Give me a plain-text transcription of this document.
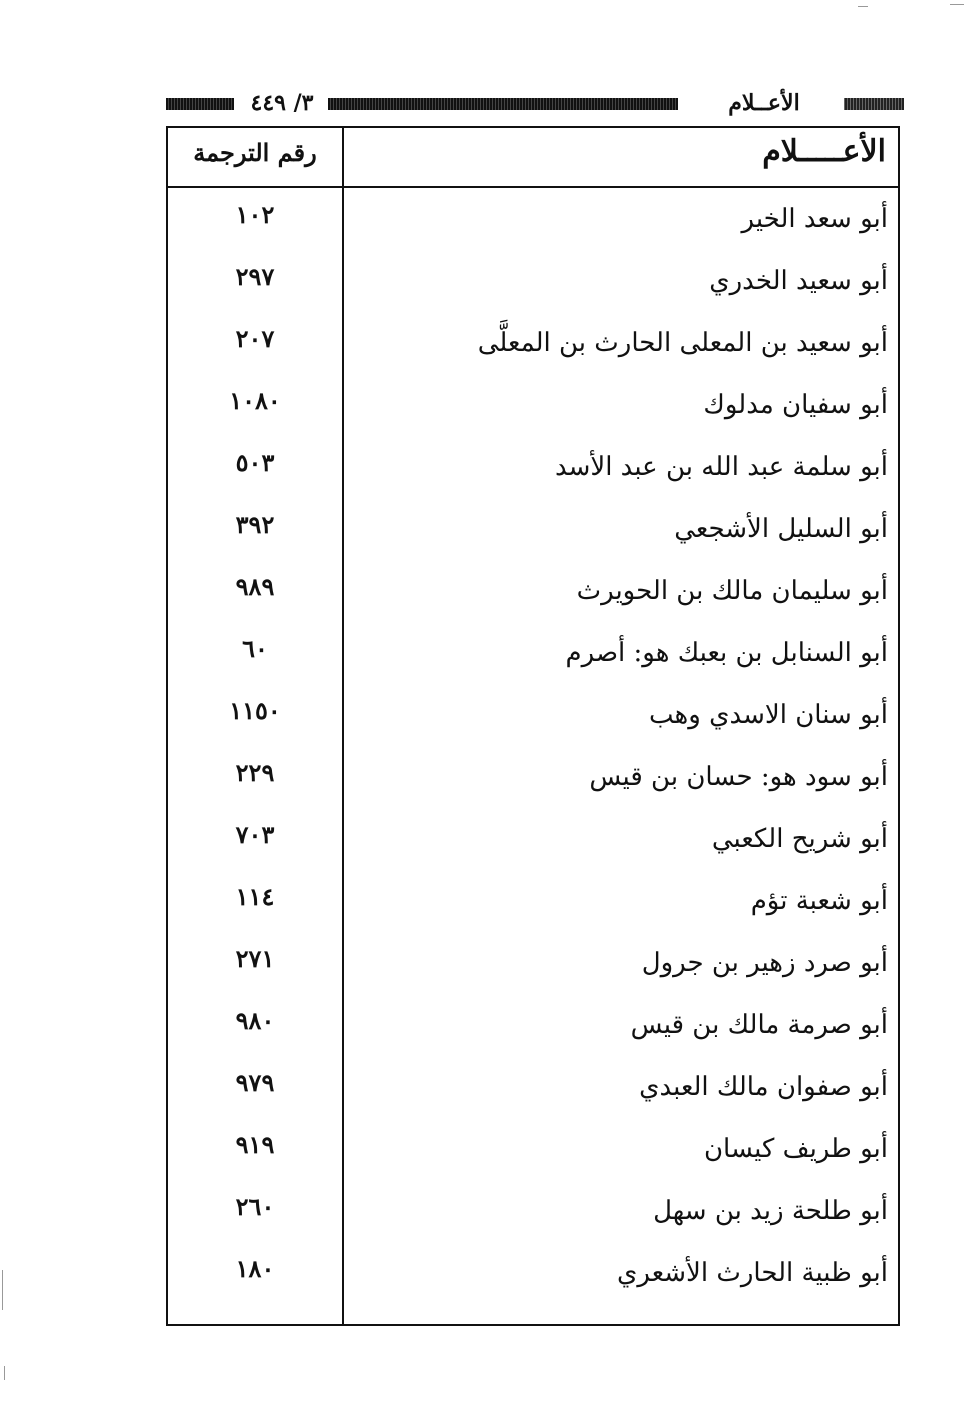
٣/ ٤٤٩	الأعــلام
الأعـــــلام
رقم الترجمة
أبو سعد الخير
١٠٢
أبو سعيد الخدري
٢٩٧
أبو سعيد بن المعلى الحارث بن المعلَّى
٢٠٧
أبو سفيان مدلوك
١٠٨٠
أبو سلمة عبد الله بن عبد الأسد
٥٠٣
أبو السليل الأشجعي
٣٩٢
أبو سليمان مالك بن الحويرث
٩٨٩
أبو السنابل بن بعبك هو: أصرم
٦٠
أبو سنان الاسدي وهب
١١٥٠
أبو سود هو: حسان بن قيس
٢٢٩
أبو شريح الكعبي
٧٠٣
أبو شعبة تؤم
١١٤
أبو صرد زهير بن جرول
٢٧١
أبو صرمة مالك بن قيس
٩٨٠
أبو صفوان مالك العبدي
٩٧٩
أبو طريف كيسان
٩١٩
أبو طلحة زيد بن سهل
٢٦٠
أبو ظبية الحارث الأشعري
١٨٠
